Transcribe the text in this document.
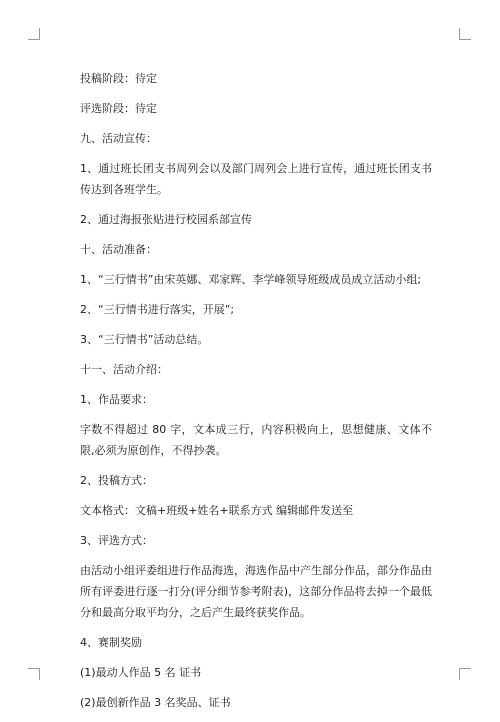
投稿阶段：待定

评选阶段：待定

九、活动宣传：

1、通过班长团支书周列会以及部门周列会上进行宣传，通过班长团支书传达到各班学生。

2、通过海报张贴进行校园系部宣传

十、活动准备：

1、“三行情书”由宋英娜、邓家辉、李学峰领导班级成员成立活动小组;

2、“三行情书进行落实，开展”;

3、“三行情书”活动总结。

十一、活动介绍：

1、作品要求：

字数不得超过 80 字，文本成三行，内容积极向上，思想健康、文体不限,必须为原创作，不得抄袭。

2、投稿方式：

文本格式：文稿+班级+姓名+联系方式 编辑邮件发送至

3、评选方式：

由活动小组评委组进行作品海选，海选作品中产生部分作品，部分作品由所有评委进行逐一打分(评分细节参考附表)，这部分作品将去掉一个最低分和最高分取平均分，之后产生最终获奖作品。

4、赛制奖励

(1)最动人作品 5 名 证书

(2)最创新作品 3 名奖品、证书
